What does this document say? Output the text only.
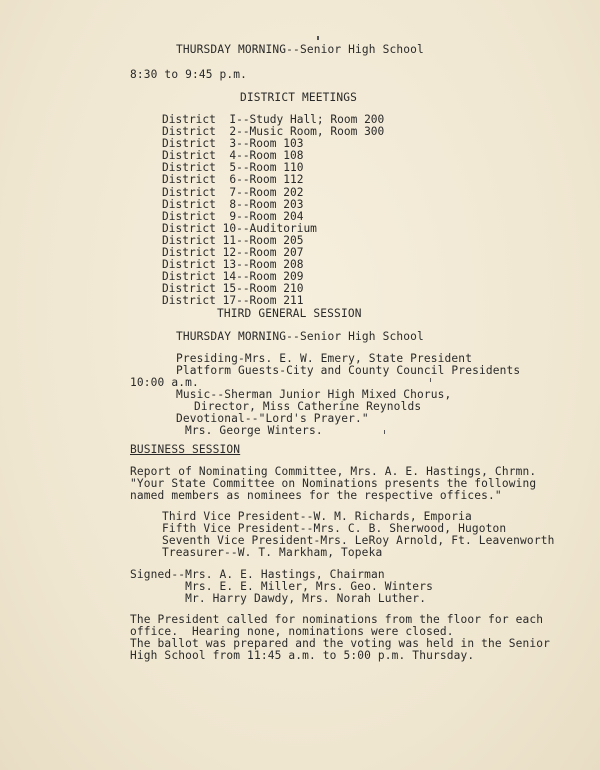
THURSDAY MORNING--Senior High School
8:30 to 9:45 p.m.
DISTRICT MEETINGS
District  I--Study Hall; Room 200
District  2--Music Room, Room 300
District  3--Room 103
District  4--Room 108
District  5--Room 110
District  6--Room 112
District  7--Room 202
District  8--Room 203
District  9--Room 204
District 10--Auditorium
District 11--Room 205
District 12--Room 207
District 13--Room 208
District 14--Room 209
District 15--Room 210
District 17--Room 211
THIRD GENERAL SESSION
THURSDAY MORNING--Senior High School
Presiding-Mrs. E. W. Emery, State President
Platform Guests-City and County Council Presidents
10:00 a.m.
Music--Sherman Junior High Mixed Chorus,
Director, Miss Catherine Reynolds
Devotional--"Lord's Prayer."
Mrs. George Winters.
BUSINESS SESSION
Report of Nominating Committee, Mrs. A. E. Hastings, Chrmn.
"Your State Committee on Nominations presents the following
named members as nominees for the respective offices."
Third Vice President--W. M. Richards, Emporia
Fifth Vice President--Mrs. C. B. Sherwood, Hugoton
Seventh Vice President-Mrs. LeRoy Arnold, Ft. Leavenworth
Treasurer--W. T. Markham, Topeka
Signed--Mrs. A. E. Hastings, Chairman
Mrs. E. E. Miller, Mrs. Geo. Winters
Mr. Harry Dawdy, Mrs. Norah Luther.
The President called for nominations from the floor for each
office.  Hearing none, nominations were closed.
The ballot was prepared and the voting was held in the Senior
High School from 11:45 a.m. to 5:00 p.m. Thursday.
